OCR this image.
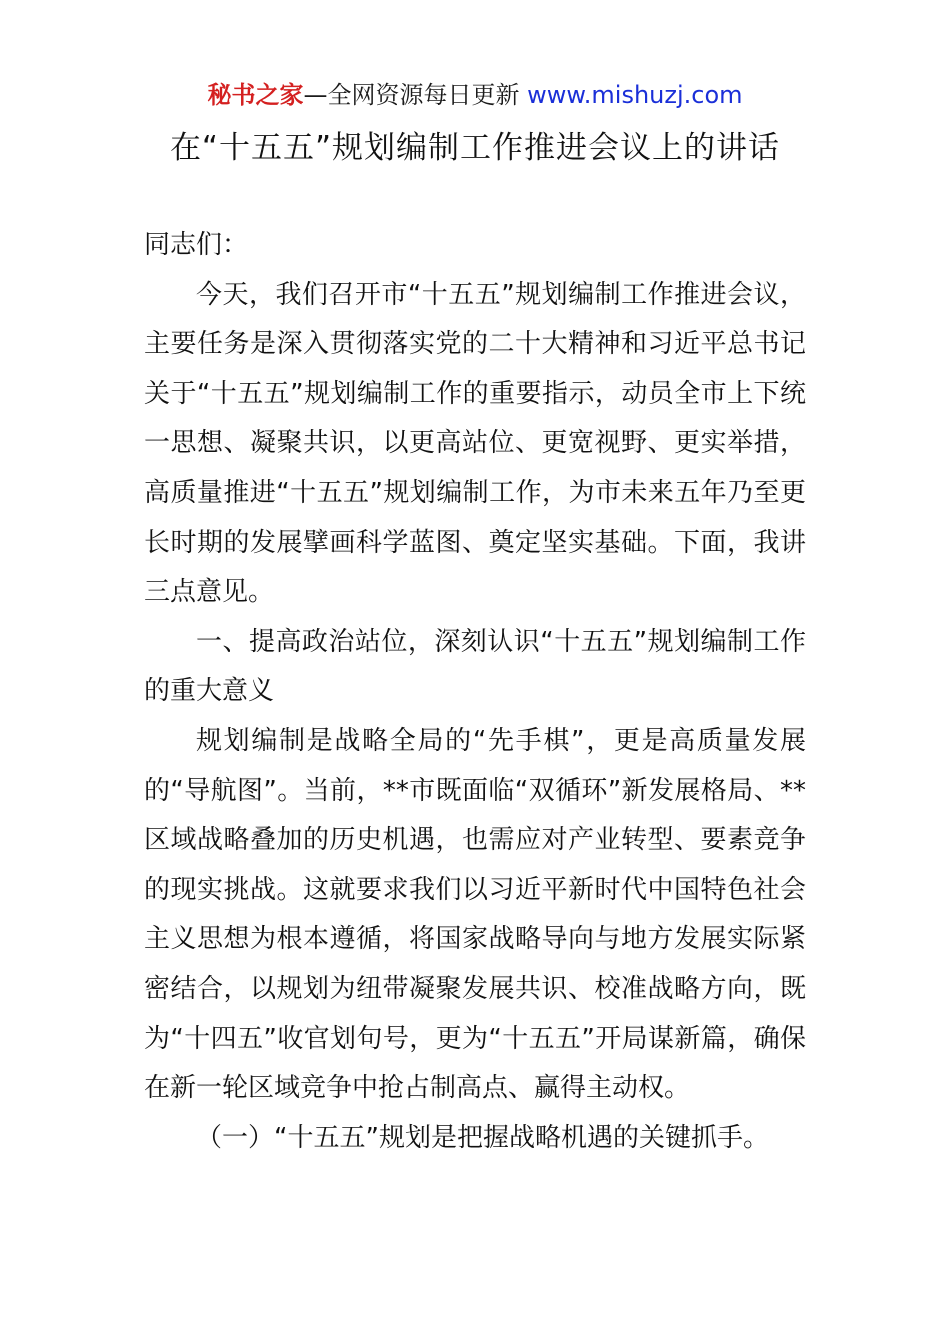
秘书之家—全网资源每日更新 www.mishuzj.com
在“十五五”规划编制工作推进会议上的讲话

同志们：

今天，我们召开市“十五五”规划编制工作推进会议，主要任务是深入贯彻落实党的二十大精神和习近平总书记关于“十五五”规划编制工作的重要指示，动员全市上下统一思想、凝聚共识，以更高站位、更宽视野、更实举措，高质量推进“十五五”规划编制工作，为市未来五年乃至更长时期的发展擘画科学蓝图、奠定坚实基础。下面，我讲三点意见。

一、提高政治站位，深刻认识“十五五”规划编制工作的重大意义

规划编制是战略全局的“先手棋”，更是高质量发展的“导航图”。当前，**市既面临“双循环”新发展格局、**区域战略叠加的历史机遇，也需应对产业转型、要素竞争的现实挑战。这就要求我们以习近平新时代中国特色社会主义思想为根本遵循，将国家战略导向与地方发展实际紧密结合，以规划为纽带凝聚发展共识、校准战略方向，既为“十四五”收官划句号，更为“十五五”开局谋新篇，确保在新一轮区域竞争中抢占制高点、赢得主动权。

（一）“十五五”规划是把握战略机遇的关键抓手。
